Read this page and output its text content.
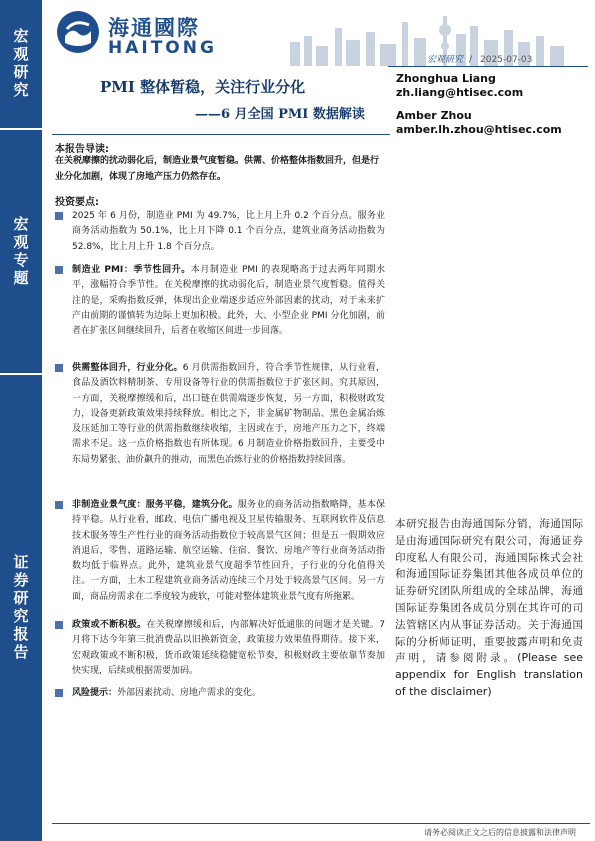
宏观研究
宏观专题
证券研究报告
海通國際
HAITONG
宏观研究 / 2025-07-03
PMI 整体暂稳，关注行业分化
——6 月全国 PMI 数据解读
Zhonghua Liang
zh.liang@htisec.com
Amber Zhou
amber.lh.zhou@htisec.com
本报告导读:
在关税摩擦的扰动弱化后，制造业景气度暂稳。供需、价格整体指数回升，但是行业分化加剧，体现了房地产压力仍然存在。
投资要点:
2025 年 6 月份，制造业 PMI 为 49.7%，比上月上升 0.2 个百分点。服务业商务活动指数为 50.1%，比上月下降 0.1 个百分点，建筑业商务活动指数为 52.8%，比上月上升 1.8 个百分点。
制造业 PMI：季节性回升。本月制造业 PMI 的表现略高于过去两年同期水平，涨幅符合季节性。在关税摩擦的扰动弱化后，制造业景气度暂稳。值得关注的是，采购指数反弹，体现出企业端逐步适应外部因素的扰动，对于未来扩产由前期的谨慎转为边际上更加积极。此外，大、小型企业 PMI 分化加剧，前者在扩张区间继续回升，后者在收缩区间进一步回落。
供需整体回升，行业分化。6 月供需指数回升，符合季节性规律，从行业看，食品及酒饮料精制茶、专用设备等行业的供需指数位于扩张区间。究其原因，一方面，关税摩擦缓和后，出口链在供需端逐步恢复，另一方面，积极财政发力，设备更新政策效果持续释放。相比之下，非金属矿物制品、黑色金属冶炼及压延加工等行业的供需指数继续收缩，主因或在于，房地产压力之下，终端需求不足。这一点价格指数也有所体现。6 月制造业价格指数回升，主要受中东局势紧张、油价飙升的推动，而黑色冶炼行业的价格指数持续回落。
非制造业景气度：服务平稳，建筑分化。服务业的商务活动指数略降，基本保持平稳。从行业看，邮政、电信广播电视及卫星传输服务、互联网软件及信息技术服务等生产性行业的商务活动指数位于较高景气区间；但是五一假期效应消退后，零售、道路运输、航空运输、住宿、餐饮、房地产等行业商务活动指数均低于临界点。此外，建筑业景气度超季节性回升，子行业的分化值得关注。一方面，土木工程建筑业商务活动连续三个月处于较高景气区间。另一方面，商品房需求在二季度较为疲软，可能对整体建筑业景气度有所拖累。
政策或不断积极。在关税摩擦缓和后，内部解决好低通胀的问题才是关键。7 月将下达今年第三批消费品以旧换新资金，政策接力效果值得期待。接下来，宏观政策或不断积极，货币政策延续稳健宽松节奏，积极财政主要依靠节奏加快实现，后续或根据需要加码。
风险提示：外部因素扰动、房地产需求的变化。
本研究报告由海通国际分销，海通国际是由海通国际研究有限公司，海通证券印度私人有限公司，海通国际株式会社和海通国际证券集团其他各成员单位的证券研究团队所组成的全球品牌，海通国际证券集团各成员分别在其许可的司法管辖区内从事证券活动。关于海通国际的分析师证明，重要披露声明和免责声明，请参阅附录。(Please see appendix for English translation of the disclaimer)
请务必阅读正文之后的信息披露和法律声明
